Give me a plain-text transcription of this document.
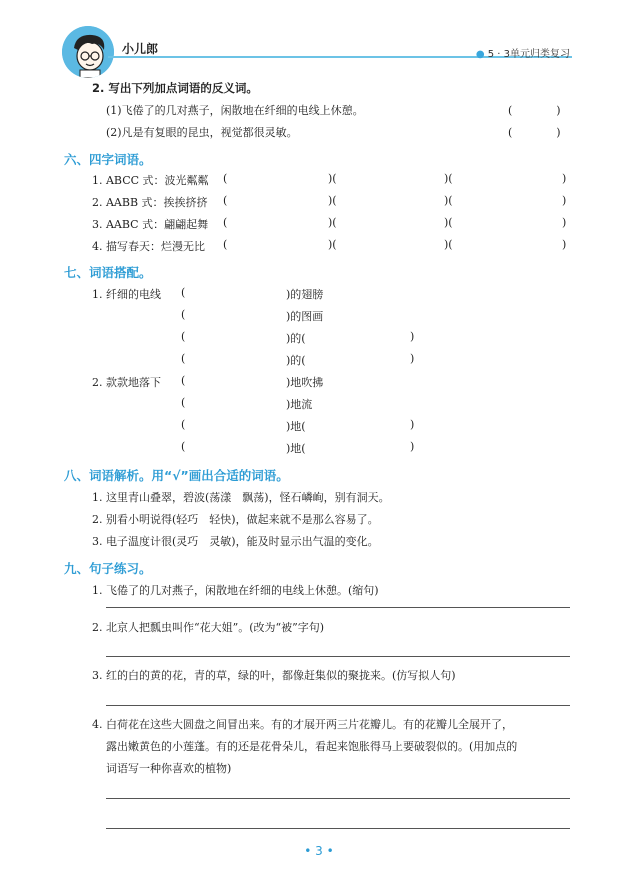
小儿郎	● 5 · 3单元归类复习
2. 写出下列加点词语的反义词。
(1)飞倦了的几对燕子，闲散地在纤细的电线上休憩。	(　　　　)
(2)凡是有复眼的昆虫，视觉都很灵敏。	(　　　　)
六、四字词语。
1. ABCC 式：波光粼粼 (	)(	)(	)
2. AABB 式：挨挨挤挤 (	)(	)(	)
3. AABC 式：翩翩起舞 (	)(	)(	)
4. 描写春天：烂漫无比 (	)(	)(	)
七、词语搭配。
1. 纤细的电线 (	)的翅膀
(	)的图画
(	)的(	)
(	)的(	)
2. 款款地落下 (	)地吹拂
(	)地流
(	)地(	)
(	)地(	)
八、词语解析。用“√”画出合适的词语。
1. 这里青山叠翠，碧波(荡漾　飘荡)，怪石嶙峋，别有洞天。
2. 别看小明说得(轻巧　轻快)，做起来就不是那么容易了。
3. 电子温度计很(灵巧　灵敏)，能及时显示出气温的变化。
九、句子练习。
1. 飞倦了的几对燕子，闲散地在纤细的电线上休憩。(缩句)
2. 北京人把瓢虫叫作“花大姐”。(改为“被”字句)
3. 红的白的黄的花，青的草，绿的叶，都像赶集似的聚拢来。(仿写拟人句)
4. 白荷花在这些大圆盘之间冒出来。有的才展开两三片花瓣儿。有的花瓣儿全展开了，
露出嫩黄色的小莲蓬。有的还是花骨朵儿，看起来饱胀得马上要破裂似的。(用加点的
词语写一种你喜欢的植物)
• 3 •
